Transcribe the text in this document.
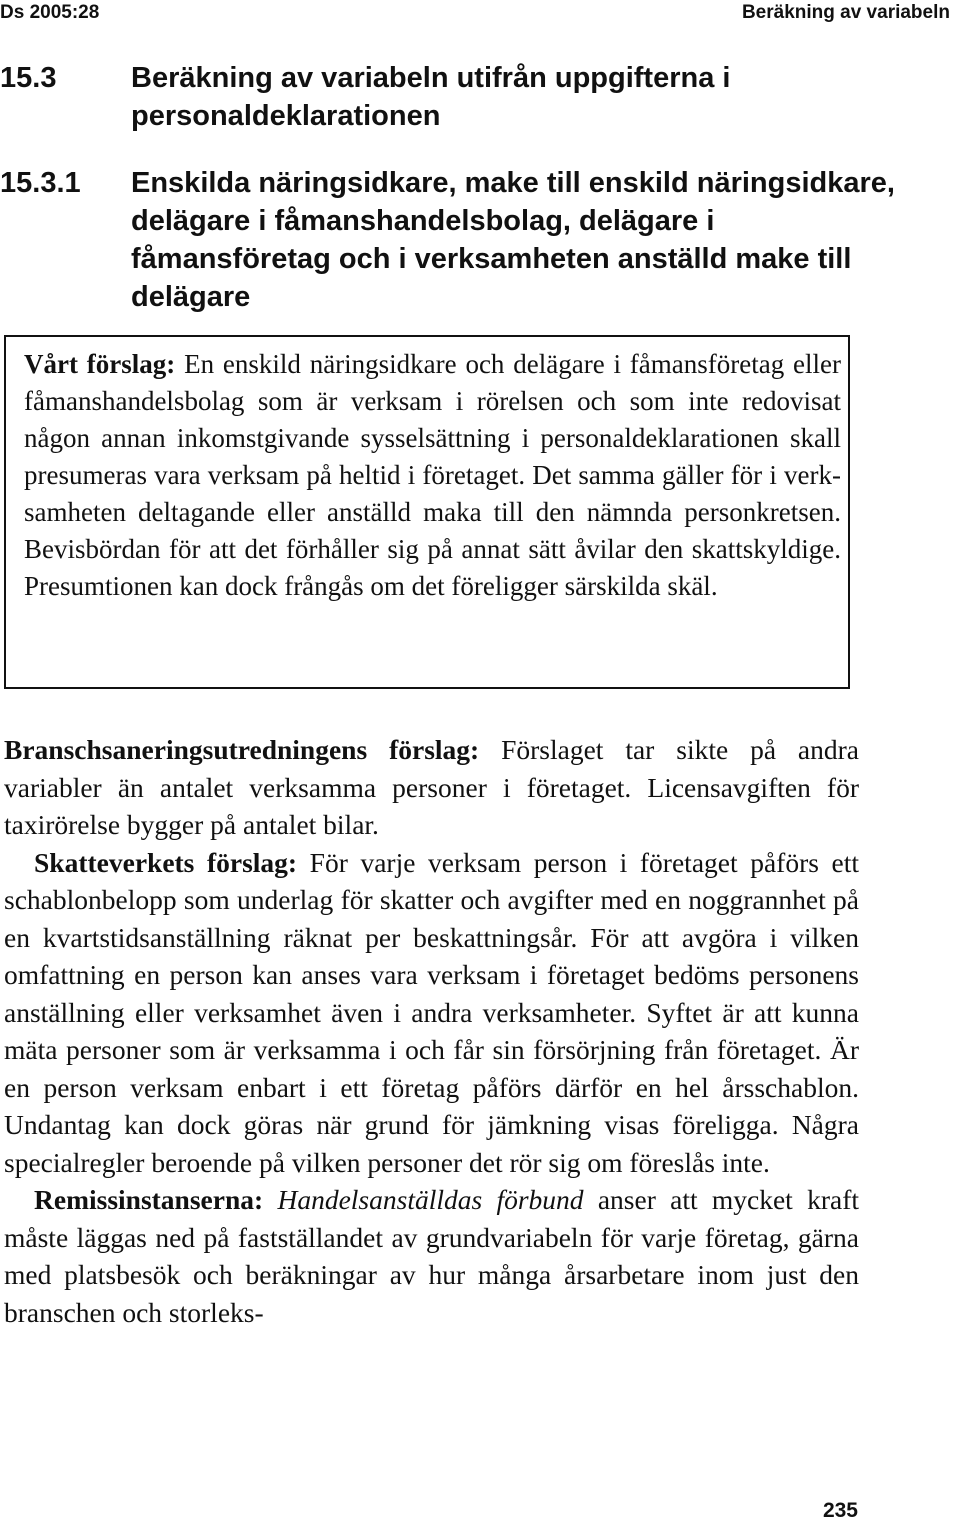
Ds 2005:28	Beräkning av variabeln
15.3	Beräkning av variabeln utifrån uppgifterna i personaldeklarationen
15.3.1 Enskilda näringsidkare, make till enskild näringsidkare, delägare i fåmanshandelsbolag, delägare i fåmansföretag och i verksamheten anställd make till delägare
Vårt förslag: En enskild näringsidkare och delägare i fåmansföretag eller fåmanshandelsbolag som är verksam i rörelsen och som inte redovisat någon annan inkomstgivande sysselsättning i personaldeklarationen skall presumeras vara verksam på heltid i företaget. Det samma gäller för i verksamheten deltagande eller anställd maka till den nämnda personkretsen. Bevisbördan för att det förhåller sig på annat sätt åvilar den skattskyldige. Presumtionen kan dock frångås om det föreligger särskilda skäl.

Branschsaneringsutredningens förslag: Förslaget tar sikte på andra variabler än antalet verksamma personer i företaget. Licensavgiften för taxirörelse bygger på antalet bilar.

Skatteverkets förslag: För varje verksam person i företaget påförs ett schablonbelopp som underlag för skatter och avgifter med en noggrannhet på en kvartstidsanställning räknat per beskattningsår. För att avgöra i vilken omfattning en person kan anses vara verksam i företaget bedöms personens anställning eller verksamhet även i andra verksamheter. Syftet är att kunna mäta personer som är verksamma i och får sin försörjning från företaget. Är en person verksam enbart i ett företag påförs därför en hel årsschablon. Undantag kan dock göras när grund för jämkning visas föreligga. Några specialregler beroende på vilken personer det rör sig om föreslås inte.

Remissinstanserna: Handelsanställdas förbund anser att mycket kraft måste läggas ned på fastställandet av grundvariabeln för varje företag, gärna med platsbesök och beräkningar av hur många årsarbetare inom just den branschen och storleks-

235
